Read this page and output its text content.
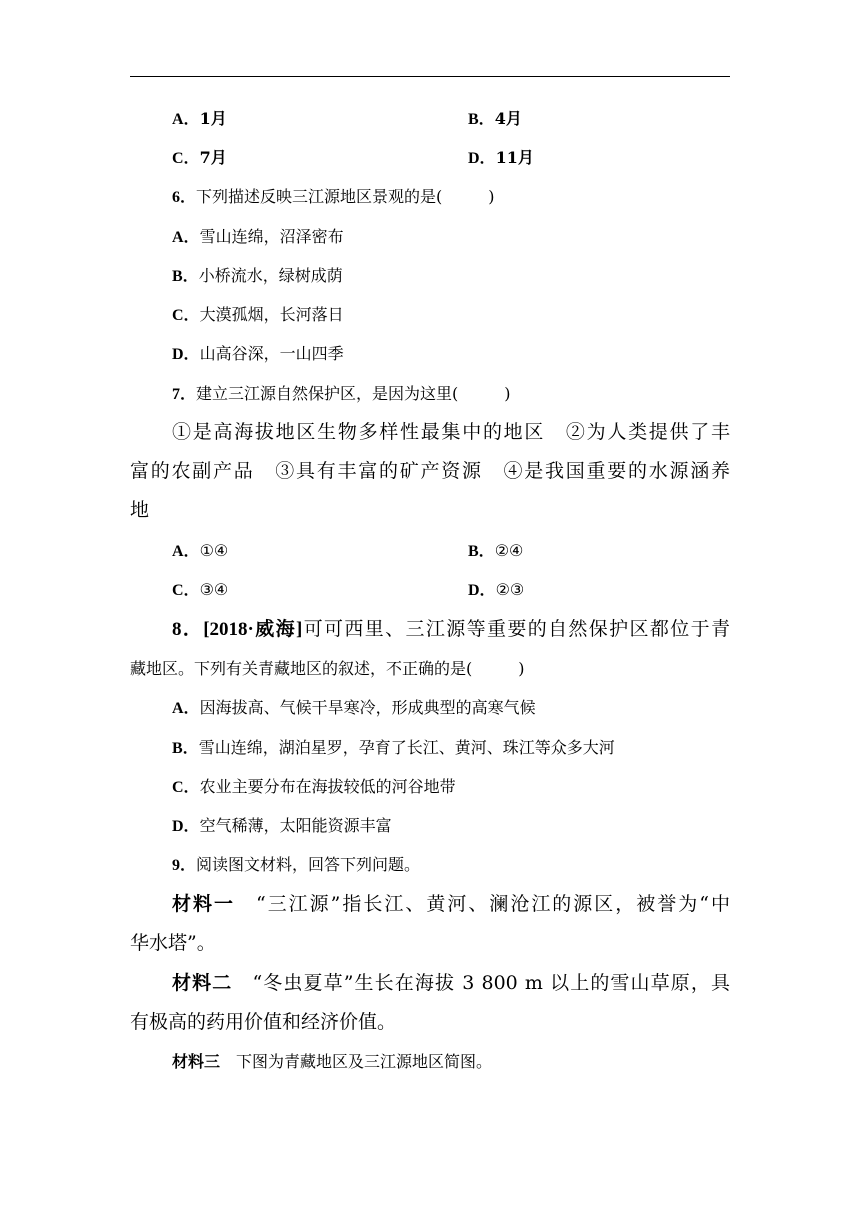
A．1月	B．4月
C．7月	D．11月
6．下列描述反映三江源地区景观的是(	)
A．雪山连绵，沼泽密布
B．小桥流水，绿树成荫
C．大漠孤烟，长河落日
D．山高谷深，一山四季
7．建立三江源自然保护区，是因为这里(	)
①是高海拔地区生物多样性最集中的地区　②为人类提供了丰
富的农副产品　③具有丰富的矿产资源　④是我国重要的水源涵养
地
A．①④	B．②④
C．③④	D．②③
8．[2018·威海]可可西里、三江源等重要的自然保护区都位于青
藏地区。下列有关青藏地区的叙述，不正确的是(	)
A．因海拔高、气候干旱寒冷，形成典型的高寒气候
B．雪山连绵，湖泊星罗，孕育了长江、黄河、珠江等众多大河
C．农业主要分布在海拔较低的河谷地带
D．空气稀薄，太阳能资源丰富
9．阅读图文材料，回答下列问题。
材料一　 “三江源”指长江、黄河、澜沧江的源区，被誉为“中
华水塔”。
材料二　 “冬虫夏草”生长在海拔 3 800 m 以上的雪山草原，具
有极高的药用价值和经济价值。
材料三　 下图为青藏地区及三江源地区简图。
